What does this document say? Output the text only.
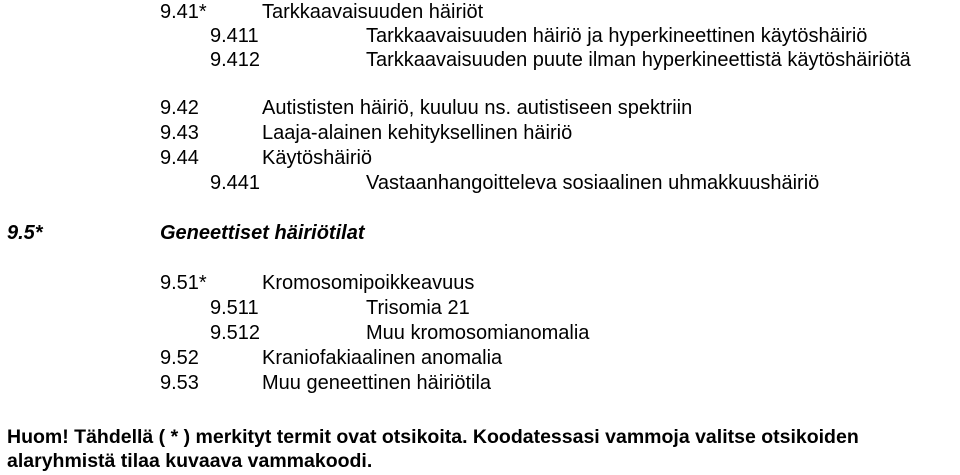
9.41*	Tarkkaavaisuuden häiriöt
9.411	Tarkkaavaisuuden häiriö ja hyperkineettinen käytöshäiriö
9.412	Tarkkaavaisuuden puute ilman hyperkineettistä käytöshäiriötä
9.42	Autististen häiriö, kuuluu ns. autistiseen spektriin
9.43	Laaja-alainen kehityksellinen häiriö
9.44	Käytöshäiriö
9.441	Vastaanhangoitteleva sosiaalinen uhmakkuushäiriö
9.5*	Geneettiset häiriötilat
9.51*	Kromosomipoikkeavuus
9.511	Trisomia 21
9.512	Muu kromosomianomalia
9.52	Kraniofakiaalinen anomalia
9.53	Muu geneettinen häiriötila
Huom! Tähdellä ( * ) merkityt termit ovat otsikoita. Koodatessasi vammoja valitse otsikoiden
alaryhmistä tilaa kuvaava vammakoodi.
